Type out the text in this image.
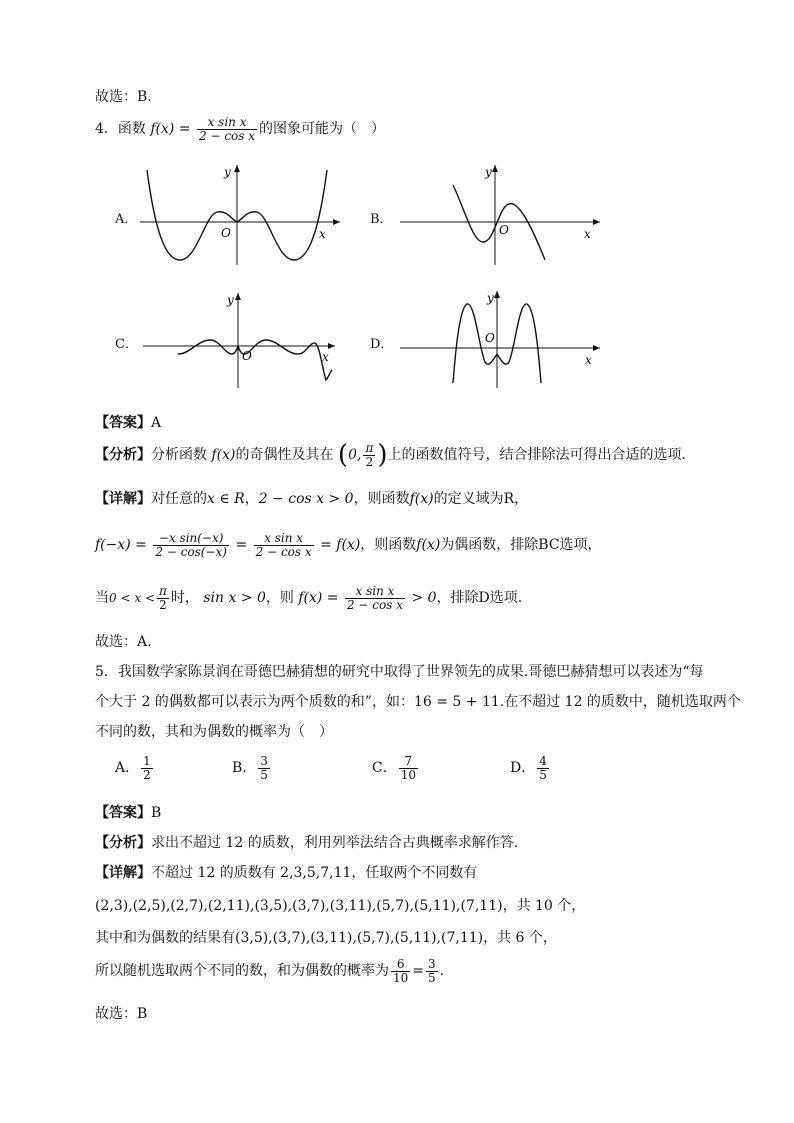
故选：B.
4．函数 $f(x) = \frac{\text{x sin x}}{\text{2 − cos x}}$ 的图象可能为（　）
A．	B．
C．	D．
y
x
O
y
x
O
y
x
O
y
x
O
【答案】A
【分析】分析函数 f(x)的奇偶性及其在 (0, $\frac{\pi}{2}$ )上的函数值符号，结合排除法可得出合适的选项.
【详解】对任意的x ∈ R，2 − cos x > 0，则函数f(x)的定义域为R，
$f(-x) = \frac{\text{−x sin(−x)}}{2 - \cos(-x)} = \frac{\text{x sin x}}{\text{2 − cos x}} = f(x)$，则函数f(x)为偶函数，排除BC选项，
当$0 < x < \frac{\pi}{2}$ 时， sin x > 0，则 $f(x) = \frac{\text{x sin x}}{\text{2 − cos x}} > 0$，排除D选项.
故选：A.
5．我国数学家陈景润在哥德巴赫猜想的研究中取得了世界领先的成果.哥德巴赫猜想可以表述为“每
个大于 2 的偶数都可以表示为两个质数的和”，如：16 = 5 + 11.在不超过 12 的质数中，随机选取两个
不同的数，其和为偶数的概率为（　）
A． $\frac{1}{2}$	B． $\frac{3}{5}$	C． $\frac{7}{10}$	D． $\frac{4}{5}$
【答案】B
【分析】求出不超过 12 的质数，利用列举法结合古典概率求解作答.
【详解】不超过 12 的质数有 2,3,5,7,11，任取两个不同数有
(2,3),(2,5),(2,7),(2,11),(3,5),(3,7),(3,11),(5,7),(5,11),(7,11)，共 10 个，
其中和为偶数的结果有(3,5),(3,7),(3,11),(5,7),(5,11),(7,11)，共 6 个，
所以随机选取两个不同的数，和为偶数的概率为 $\frac{6}{10} = \frac{3}{5}$ .
故选：B
